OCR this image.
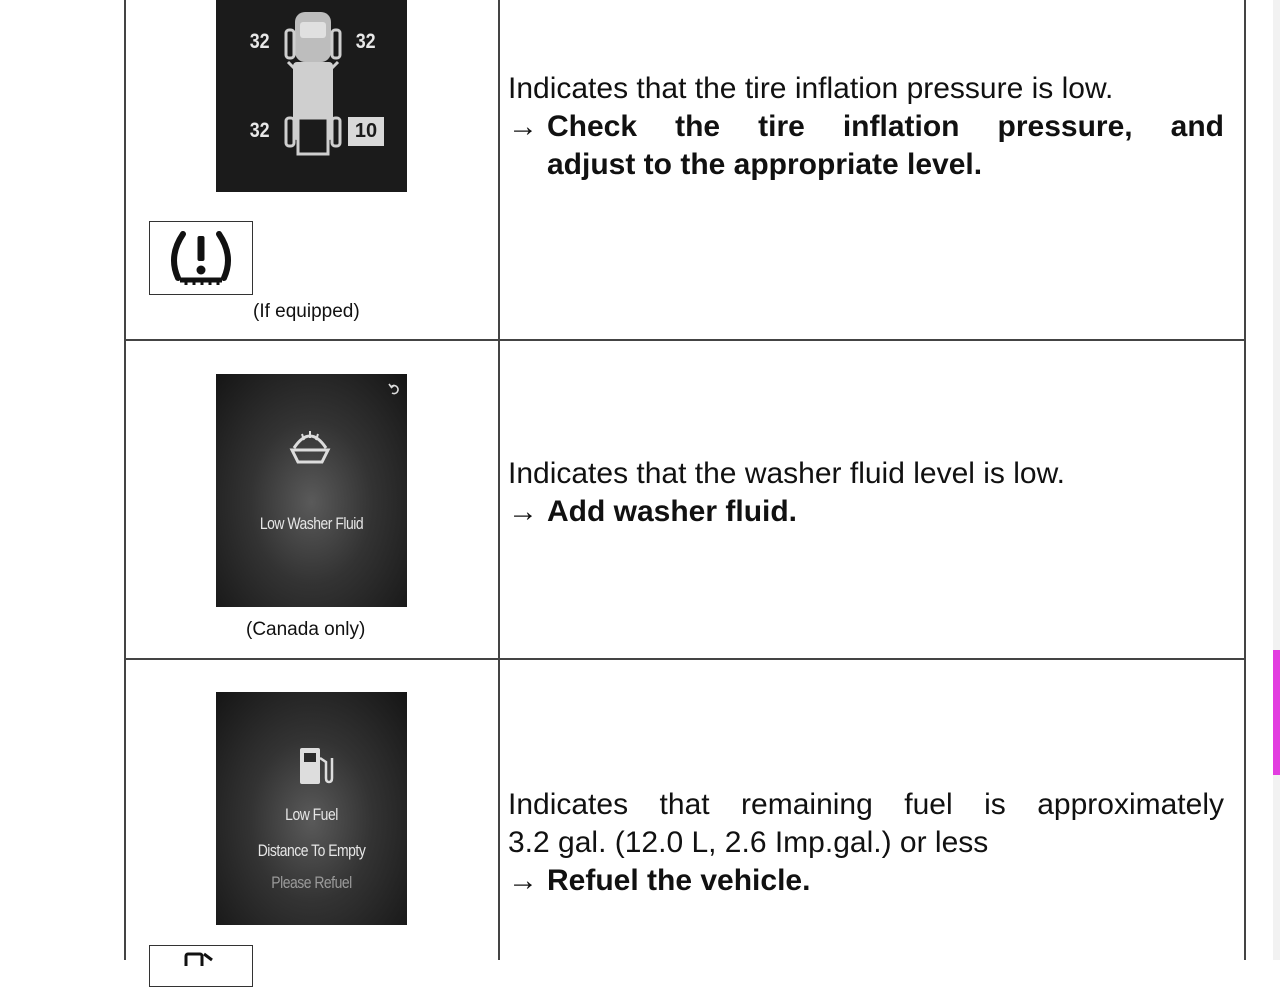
32	32
32	10
(If equipped)
Indicates that the tire inflation pressure is low.
→ Check the tire inflation pressure, and
adjust to the appropriate level.
Low Washer Fluid
(Canada only)
Indicates that the washer fluid level is low.
→ Add washer fluid.
Low Fuel
Distance To Empty
Please Refuel
Indicates that remaining fuel is approximately
3.2 gal. (12.0 L, 2.6 Imp.gal.) or less
→ Refuel the vehicle.
